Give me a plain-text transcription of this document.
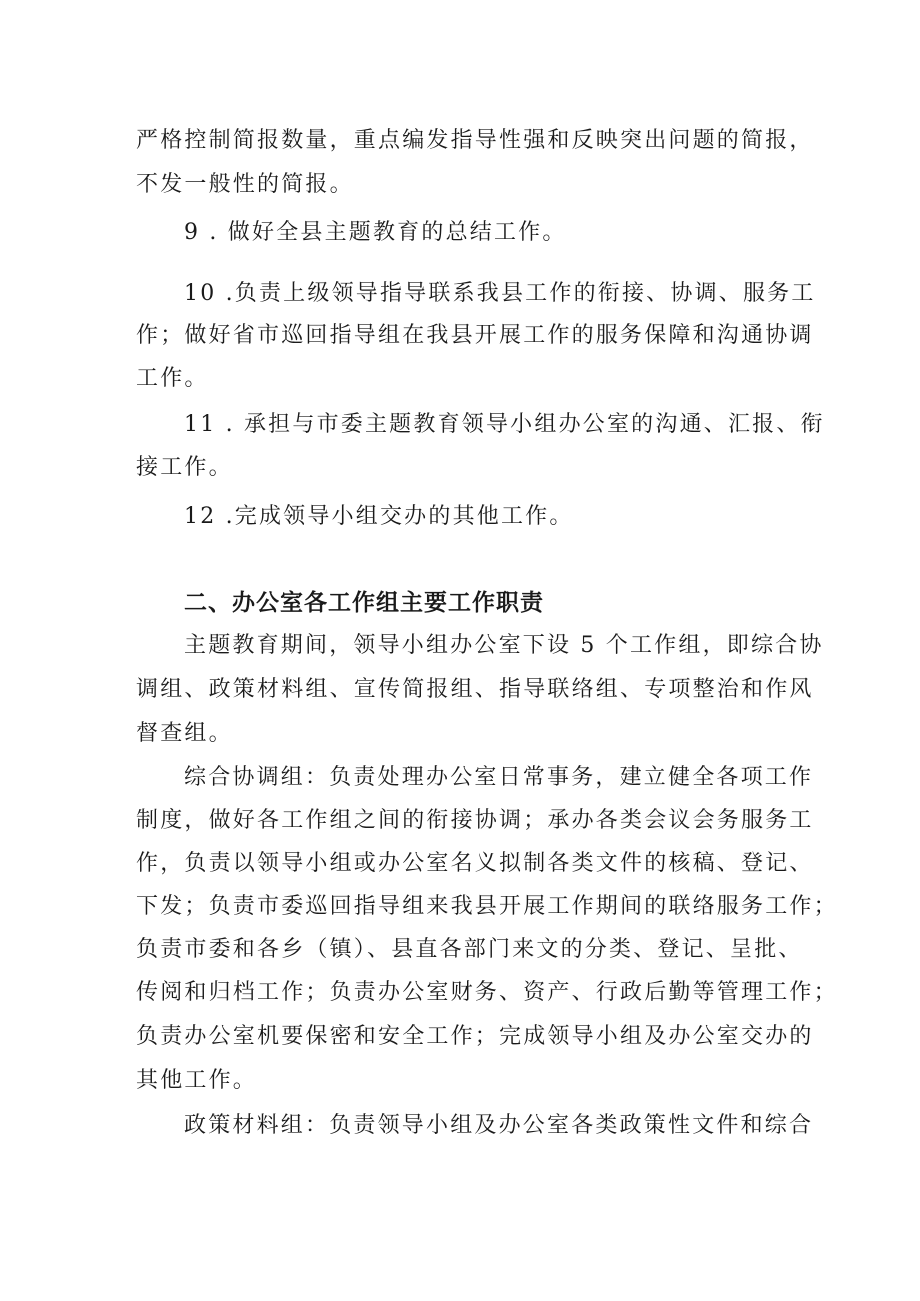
严格控制简报数量，重点编发指导性强和反映突出问题的简报，
不发一般性的简报。
9 . 做好全县主题教育的总结工作。
10 .负责上级领导指导联系我县工作的衔接、协调、服务工
作；做好省市巡回指导组在我县开展工作的服务保障和沟通协调
工作。
11 . 承担与市委主题教育领导小组办公室的沟通、汇报、衔
接工作。
12 .完成领导小组交办的其他工作。
二、办公室各工作组主要工作职责
主题教育期间，领导小组办公室下设 5 个工作组，即综合协
调组、政策材料组、宣传简报组、指导联络组、专项整治和作风
督查组。
综合协调组：负责处理办公室日常事务，建立健全各项工作
制度，做好各工作组之间的衔接协调；承办各类会议会务服务工
作，负责以领导小组或办公室名义拟制各类文件的核稿、登记、
下发；负责市委巡回指导组来我县开展工作期间的联络服务工作；
负责市委和各乡（镇）、县直各部门来文的分类、登记、呈批、
传阅和归档工作；负责办公室财务、资产、行政后勤等管理工作；
负责办公室机要保密和安全工作；完成领导小组及办公室交办的
其他工作。
政策材料组：负责领导小组及办公室各类政策性文件和综合
